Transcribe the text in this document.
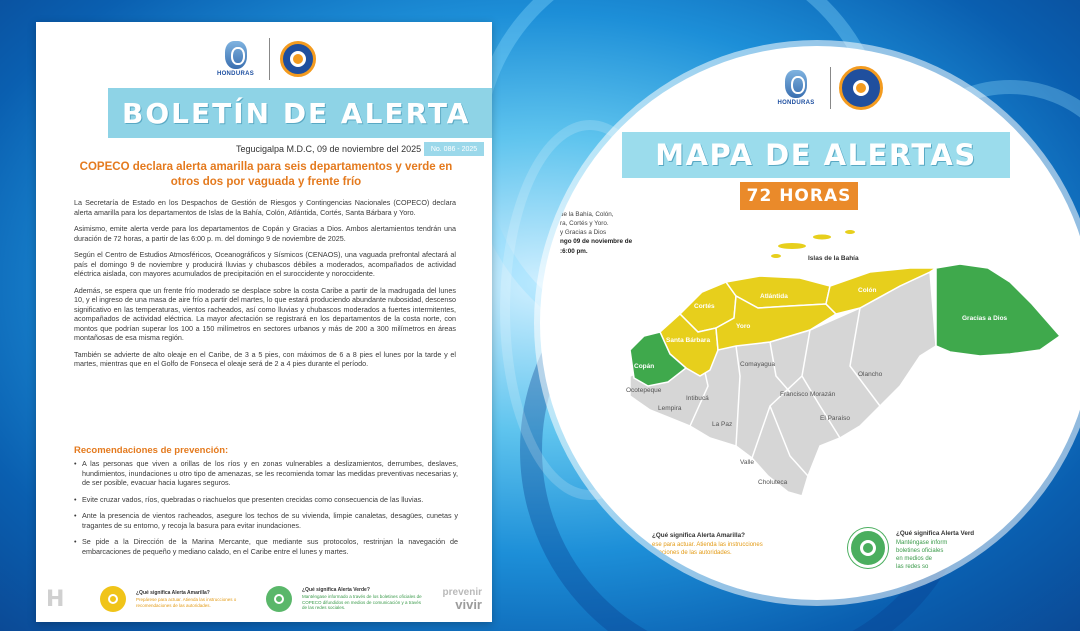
HONDURAS
BOLETÍN DE ALERTA
Tegucigalpa M.D.C, 09 de noviembre del 2025	No. 086 - 2025
COPECO declara alerta amarilla para seis departamentos y verde en otros dos por vaguada y frente frío

La Secretaría de Estado en los Despachos de Gestión de Riesgos y Contingencias Nacionales (COPECO) declara alerta amarilla para los departamentos de Islas de la Bahía, Colón, Atlántida, Cortés, Santa Bárbara y Yoro.

Asimismo, emite alerta verde para los departamentos de Copán y Gracias a Dios. Ambos alertamientos tendrán una duración de 72 horas, a partir de las 6:00 p. m. del domingo 9 de noviembre de 2025.

Según el Centro de Estudios Atmosféricos, Oceanográficos y Sísmicos (CENAOS), una vaguada prefrontal afectará al país el domingo 9 de noviembre y producirá lluvias y chubascos débiles a moderados, acompañados de actividad eléctrica aislada, con mayores acumulados de precipitación en el suroccidente y noroccidente.

Además, se espera que un frente frío moderado se desplace sobre la costa Caribe a partir de la madrugada del lunes 10, y el ingreso de una masa de aire frío a partir del martes, lo que estará produciendo abundante nubosidad, descenso significativo en las temperaturas, vientos racheados, así como lluvias y chubascos moderados a fuertes intermitentes, acompañados de actividad eléctrica. La mayor afectación se registrará en los departamentos de la costa norte, con montos que podrían superar los 100 a 150 milímetros en sectores urbanos y más de 200 a 300 milímetros en áreas montañosas de esa misma región.

También se advierte de alto oleaje en el Caribe, de 3 a 5 pies, con máximos de 6 a 8 pies el lunes por la tarde y el martes, mientras que en el Golfo de Fonseca el oleaje será de 2 a 4 pies durante el período.

Recomendaciones de prevención:
• A las personas que viven a orillas de los ríos y en zonas vulnerables a deslizamientos, derrumbes, deslaves, hundimientos, inundaciones u otro tipo de amenazas, se les recomienda tomar las medidas preventivas necesarias y, de ser posible, evacuar hacia lugares seguros.
• Evite cruzar vados, ríos, quebradas o riachuelos que presenten crecidas como consecuencia de las lluvias.
• Ante la presencia de vientos racheados, asegure los techos de su vivienda, limpie canaletas, desagües, cunetas y tragantes de su entorno, y recoja la basura para evitar inundaciones.
• Se pide a la Dirección de la Marina Mercante, que mediante sus protocolos, restrinjan la navegación de embarcaciones de pequeño y mediano calado, en el Caribe entre el lunes y martes.
H	¿Qué significa Alerta Amarilla?
Prepárese para actuar. Atienda las instrucciones o recomendaciones de las autoridades.
¿Qué significa Alerta Verde?
Manténgase informado a través de los boletines oficiales de COPECO difundidos en medios de comunicación y a través de las redes sociales.
prevenir
vivir
Islas de la Bahía
Cortés
Atlántida
Colón
Yoro
Santa Bárbara
Copán
Gracias a Dios
Olancho
Comayagua
Ocotepeque
Lempira
Intibucá
Francisco Morazán
La Paz
El Paraíso
Valle
Choluteca
HONDURAS
MAPA DE ALERTAS
72 HORAS
de la Bahía, Colón,
ra, Cortés y Yoro.
y Gracias a Dios
ngo 09 de noviembre de
:6:00 pm.
¿Qué significa Alerta Amarilla?
ese para actuar. Atienda las instrucciones
ndaciones de las autoridades.
¿Qué significa Alerta Verd
Manténgase inform
boletines oficiales
en medios de
las redes so
